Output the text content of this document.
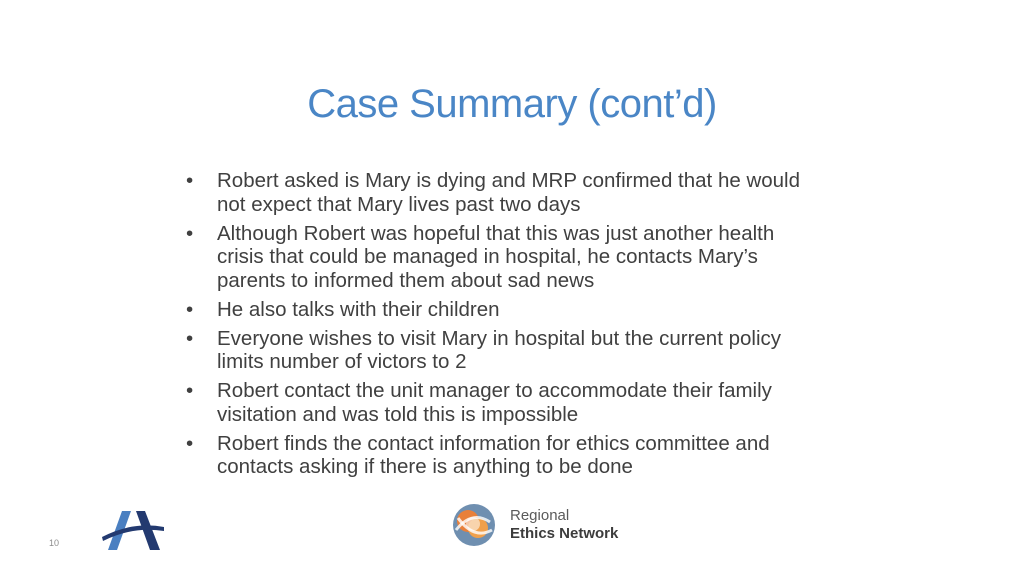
Case Summary (cont’d)
• Robert asked is Mary is dying and MRP confirmed that he would not expect that Mary lives past two days
• Although Robert was hopeful that this was just another health crisis that could be managed in hospital, he contacts Mary’s parents to informed them about sad news
• He also talks with their children
• Everyone wishes to visit Mary in hospital but the current policy limits number of victors to 2
• Robert contact the unit manager to accommodate their family visitation and was told this is impossible
• Robert finds the contact information for ethics committee and contacts asking if there is anything to be done
10
Regional
Ethics Network
